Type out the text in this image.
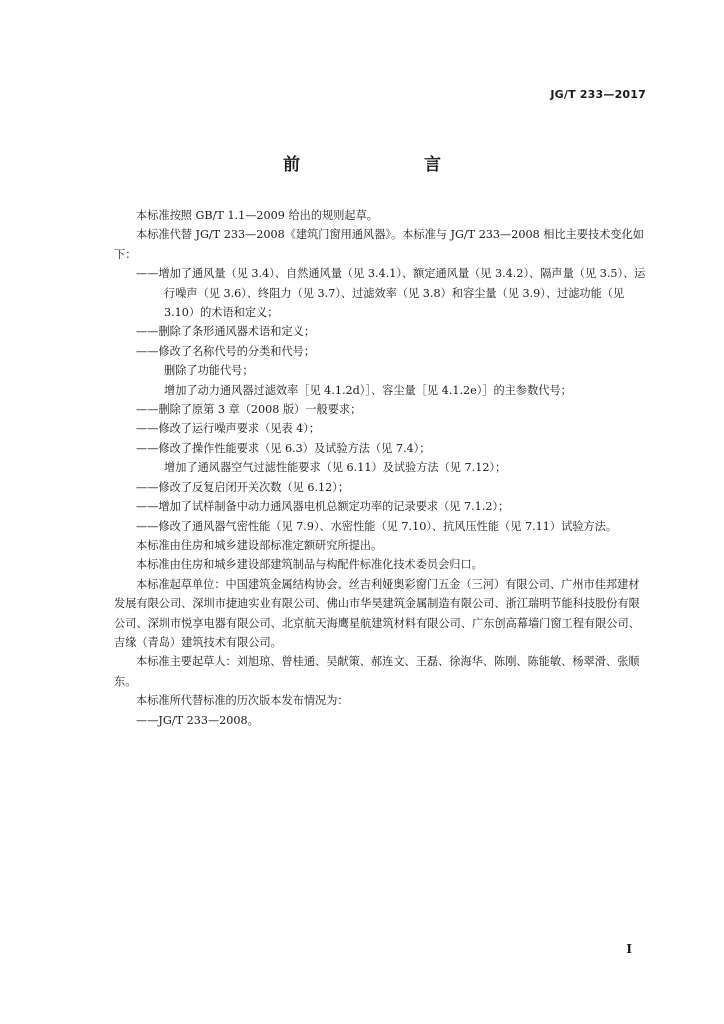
JG/T 233—2017
前　　言

本标准按照 GB/T 1.1—2009 给出的规则起草。

本标准代替 JG/T 233—2008《建筑门窗用通风器》。本标准与 JG/T 233—2008 相比主要技术变化如下：

——增加了通风量（见 3.4）、自然通风量（见 3.4.1）、额定通风量（见 3.4.2）、隔声量（见 3.5）、运行噪声（见 3.6）、终阻力（见 3.7）、过滤效率（见 3.8）和容尘量（见 3.9）、过滤功能（见 3.10）的术语和定义；

——删除了条形通风器术语和定义；

——修改了名称代号的分类和代号；

删除了功能代号；

增加了动力通风器过滤效率［见 4.1.2d）］、容尘量［见 4.1.2e）］的主参数代号；

——删除了原第 3 章（2008 版）一般要求；

——修改了运行噪声要求（见表 4）；

——修改了操作性能要求（见 6.3）及试验方法（见 7.4）；

增加了通风器空气过滤性能要求（见 6.11）及试验方法（见 7.12）；

——修改了反复启闭开关次数（见 6.12）；

——增加了试样制备中动力通风器电机总额定功率的记录要求（见 7.1.2）；

——修改了通风器气密性能（见 7.9）、水密性能（见 7.10）、抗风压性能（见 7.11）试验方法。

本标准由住房和城乡建设部标准定额研究所提出。

本标准由住房和城乡建设部建筑制品与构配件标准化技术委员会归口。

本标准起草单位：中国建筑金属结构协会、丝吉利娅奥彩窗门五金（三河）有限公司、广州市佳邦建材发展有限公司、深圳市捷迪实业有限公司、佛山市华昊建筑金属制造有限公司、浙江瑞明节能科技股份有限公司、深圳市悦享电器有限公司、北京航天海鹰星航建筑材料有限公司、广东创高幕墙门窗工程有限公司、吉缘（青岛）建筑技术有限公司。

本标准主要起草人：刘旭琼、曾桂通、吴献策、郝连文、王磊、徐海华、陈刚、陈能敏、杨翠滑、张顺东。

本标准所代替标准的历次版本发布情况为：

——JG/T 233—2008。

I
